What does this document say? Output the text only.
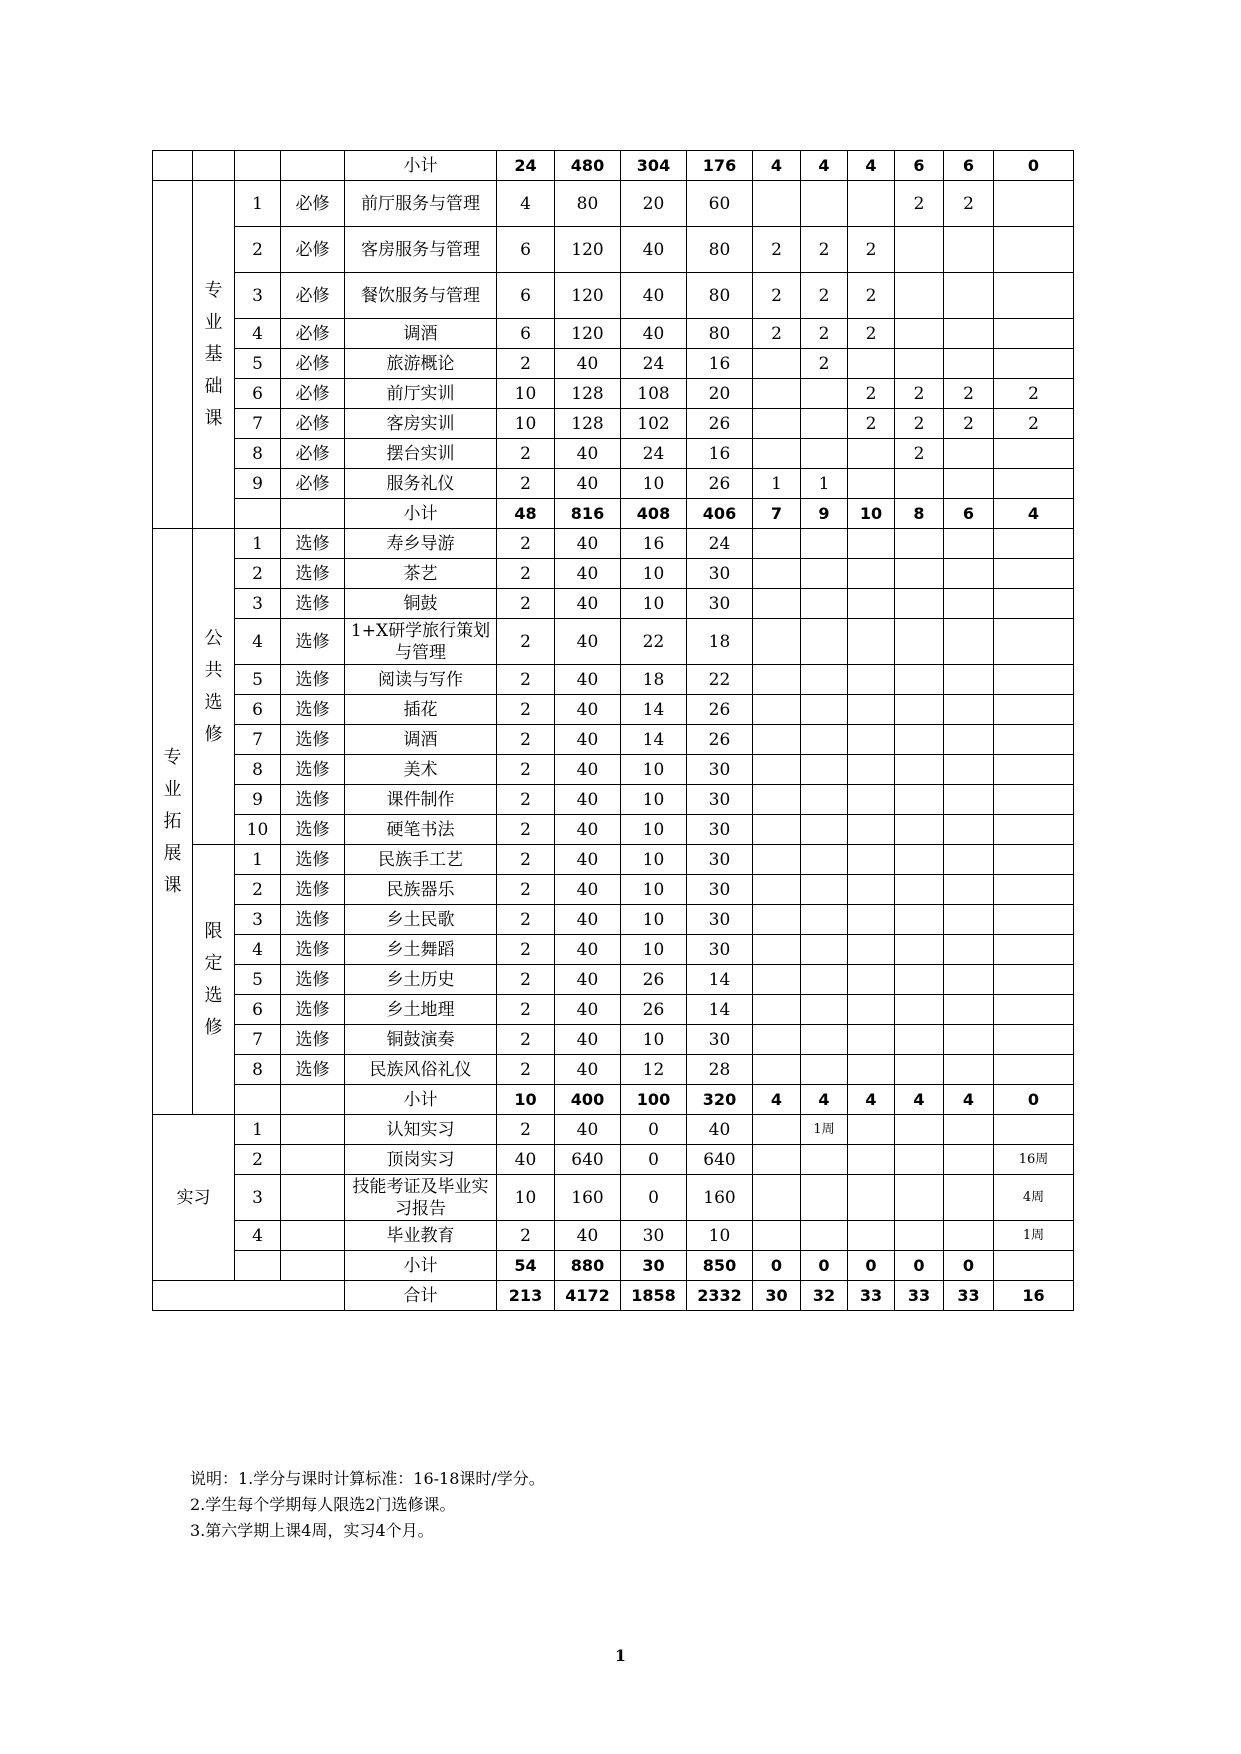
				小计	24	480	304	176	4	4	4	6	6	0
	专业基础课	1	必修	前厅服务与管理	4	80	20	60				2	2	
		2	必修	客房服务与管理	6	120	40	80	2	2	2			
		3	必修	餐饮服务与管理	6	120	40	80	2	2	2			
		4	必修	调酒	6	120	40	80	2	2	2			
		5	必修	旅游概论	2	40	24	16		2				
		6	必修	前厅实训	10	128	108	20			2	2	2	2
		7	必修	客房实训	10	128	102	26			2	2	2	2
		8	必修	摆台实训	2	40	24	16				2		
		9	必修	服务礼仪	2	40	10	26	1	1				
				小计	48	816	408	406	7	9	10	8	6	4
专业拓展课	公共选修	1	选修	寿乡导游	2	40	16	24						
		2	选修	茶艺	2	40	10	30						
		3	选修	铜鼓	2	40	10	30						
		4	选修	1+X研学旅行策划与管理	2	40	22	18						
		5	选修	阅读与写作	2	40	18	22						
		6	选修	插花	2	40	14	26						
		7	选修	调酒	2	40	14	26						
		8	选修	美术	2	40	10	30						
		9	选修	课件制作	2	40	10	30						
		10	选修	硬笔书法	2	40	10	30						
	限定选修	1	选修	民族手工艺	2	40	10	30						
		2	选修	民族器乐	2	40	10	30						
		3	选修	乡土民歌	2	40	10	30						
		4	选修	乡土舞蹈	2	40	10	30						
		5	选修	乡土历史	2	40	26	14						
		6	选修	乡土地理	2	40	26	14						
		7	选修	铜鼓演奏	2	40	10	30						
		8	选修	民族风俗礼仪	2	40	12	28						
				小计	10	400	100	320	4	4	4	4	4	0
实习		1		认知实习	2	40	0	40		1周				
		2		顶岗实习	40	640	0	640						16周
		3		技能考证及毕业实习报告	10	160	0	160						4周
		4		毕业教育	2	40	30	10						1周
				小计	54	880	30	850	0	0	0	0	0	
				合计	213	4172	1858	2332	30	32	33	33	33	16
说明：1.学分与课时计算标准：16-18课时/学分。
2.学生每个学期每人限选2门选修课。
3.第六学期上课4周，实习4个月。
1
